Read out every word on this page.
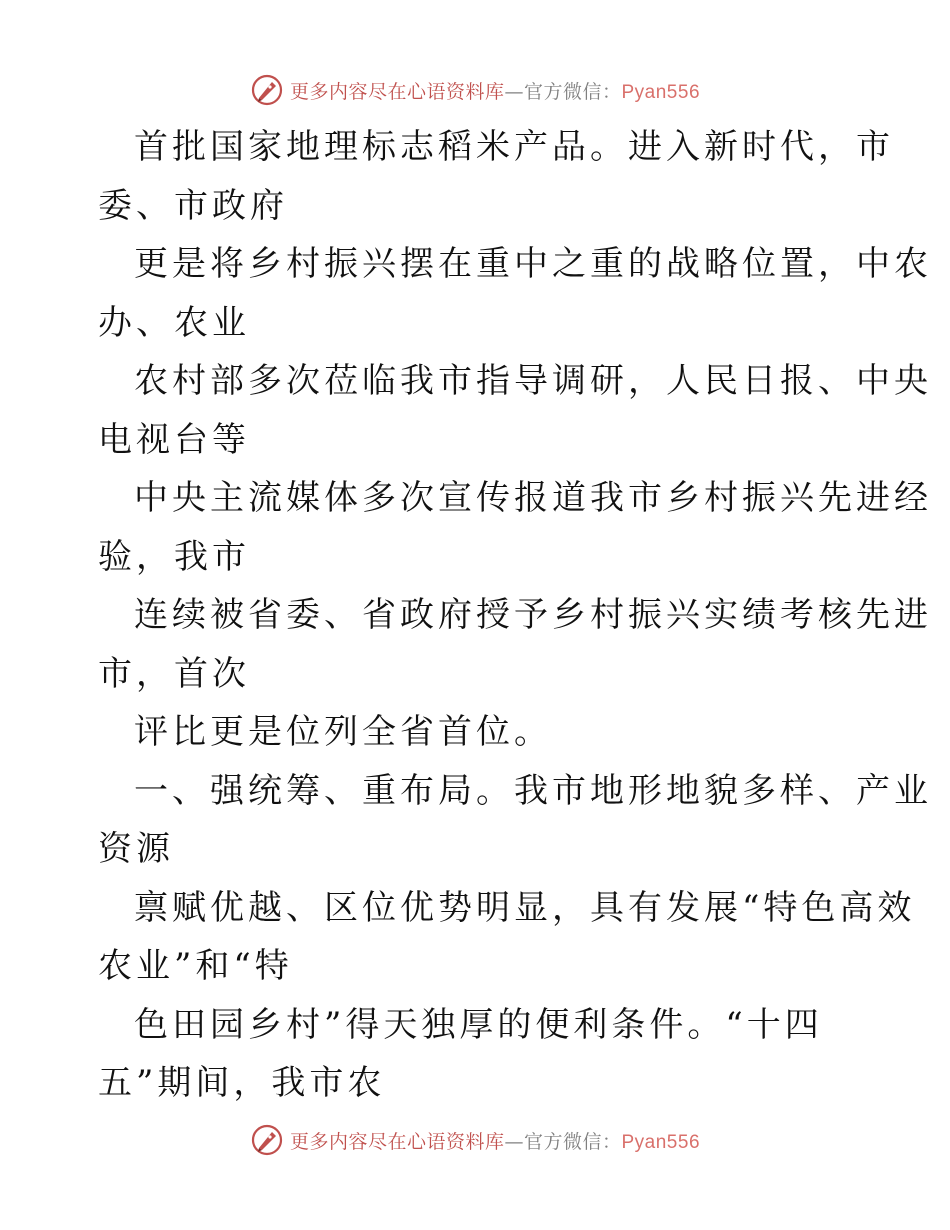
更多内容尽在心语资料库—官方微信：Pyan556
首批国家地理标志稻米产品。进入新时代，市
委、市政府
更是将乡村振兴摆在重中之重的战略位置，中农
办、农业
农村部多次莅临我市指导调研，人民日报、中央
电视台等
中央主流媒体多次宣传报道我市乡村振兴先进经
验，我市
连续被省委、省政府授予乡村振兴实绩考核先进
市，首次
评比更是位列全省首位。
一、强统筹、重布局。我市地形地貌多样、产业
资源
禀赋优越、区位优势明显，具有发展“特色高效
农业”和“特
色田园乡村”得天独厚的便利条件。“十四
五”期间，我市农
更多内容尽在心语资料库—官方微信：Pyan556
